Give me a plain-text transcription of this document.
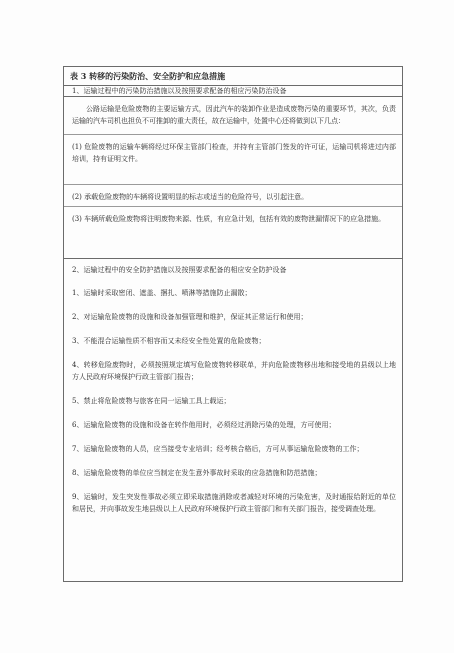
表 3 转移的污染防治、安全防护和应急措施
1、运输过程中的污染防治措施以及按照要求配备的相应污染防治设备

公路运输是危险废物的主要运输方式，因此汽车的装卸作业是造成废物污染的重要环节，其次，负责运输的汽车司机也担负不可推卸的重大责任，故在运输中，处置中心还将做到以下几点：

(1) 危险废物的运输车辆将经过环保主管部门检查，并持有主管部门签发的许可证，运输司机将进过内部培训，持有证明文件。

(2) 承载危险废物的车辆将设置明显的标志或适当的危险符号，以引起注意。

(3) 车辆所载危险废物将注明废物来源、性质，有应急计划，包括有效的废物泄漏情况下的应急措施。

2、运输过程中的安全防护措施以及按照要求配备的相应安全防护设备

1、运输时采取密闭、遮盖、捆扎、喷淋等措施防止漏散；

2、对运输危险废物的设施和设备加强管理和维护，保证其正常运行和使用；

3、不能混合运输性质不相容而又未经安全性处置的危险废物；

4、转移危险废物时，必须按照规定填写危险废物转移联单，并向危险废物移出地和接受地的县级以上地方人民政府环境保护行政主管部门报告；

5、禁止将危险废物与旅客在同一运输工具上载运；

6、运输危险废物的设施和设备在转作他用时，必须经过消除污染的处理，方可使用；

7、运输危险废物的人员，应当接受专业培训；经考核合格后，方可从事运输危险废物的工作；

8、运输危险废物的单位应当制定在发生意外事故时采取的应急措施和防范措施；

9、运输时，发生突发性事故必须立即采取措施消除或者减轻对环境的污染危害，及时通报给附近的单位和居民，并向事故发生地县级以上人民政府环境保护行政主管部门和有关部门报告，接受调查处理。
